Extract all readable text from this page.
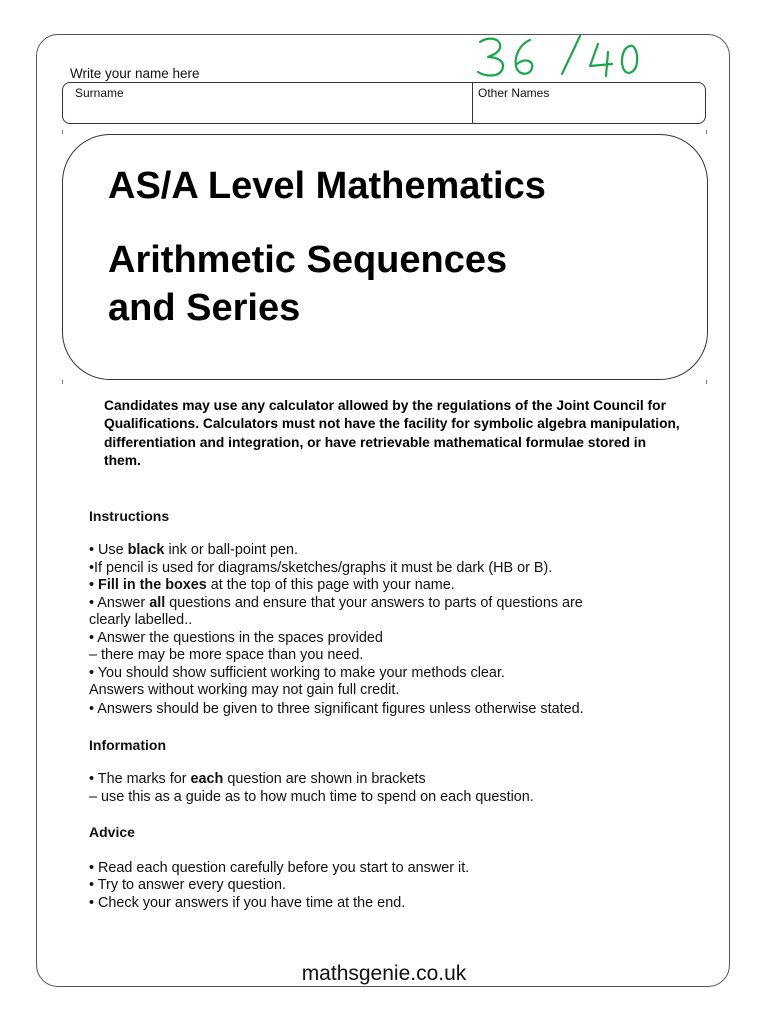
Write your name here
Surname	Other Names
AS/A Level Mathematics
Arithmetic Sequences
and Series
Candidates may use any calculator allowed by the regulations of the Joint Council for Qualifications. Calculators must not have the facility for symbolic algebra manipulation, differentiation and integration, or have retrievable mathematical formulae stored in them.
Instructions
• Use black ink or ball-point pen.
•If pencil is used for diagrams/sketches/graphs it must be dark (HB or B).
• Fill in the boxes at the top of this page with your name.
• Answer all questions and ensure that your answers to parts of questions are
clearly labelled..
• Answer the questions in the spaces provided
– there may be more space than you need.
• You should show sufficient working to make your methods clear.
Answers without working may not gain full credit.
• Answers should be given to three significant figures unless otherwise stated.
Information
• The marks for each question are shown in brackets
– use this as a guide as to how much time to spend on each question.
Advice
• Read each question carefully before you start to answer it.
• Try to answer every question.
• Check your answers if you have time at the end.
mathsgenie.co.uk
